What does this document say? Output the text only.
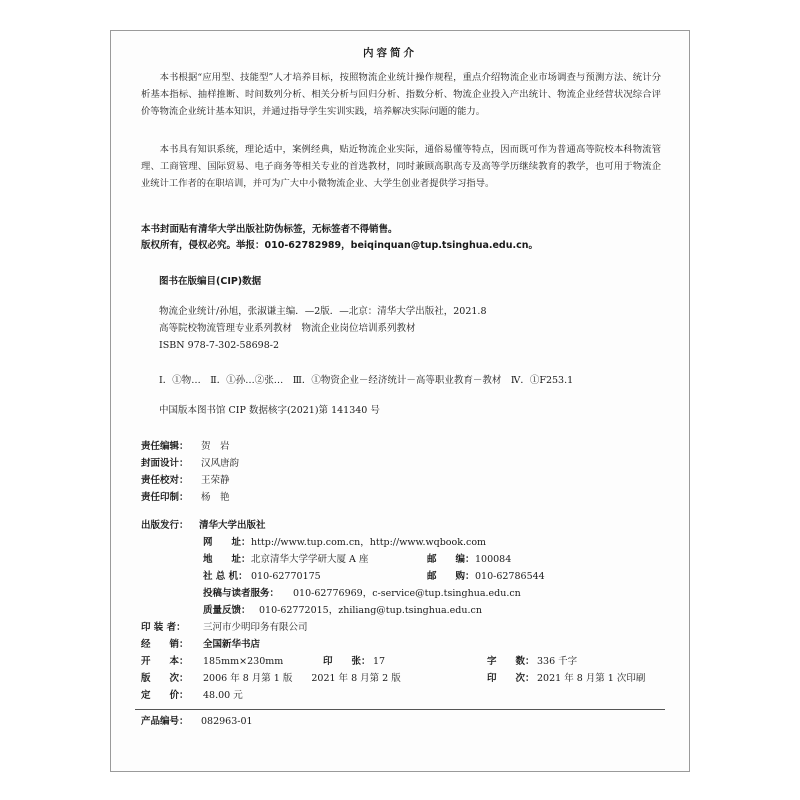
内容简介
本书根据“应用型、技能型”人才培养目标，按照物流企业统计操作规程，重点介绍物流企业市场调查与预测方法、统计分析基本指标、抽样推断、时间数列分析、相关分析与回归分析、指数分析、物流企业投入产出统计、物流企业经营状况综合评价等物流企业统计基本知识，并通过指导学生实训实践，培养解决实际问题的能力。
本书具有知识系统，理论适中，案例经典，贴近物流企业实际，通俗易懂等特点，因而既可作为普通高等院校本科物流管理、工商管理、国际贸易、电子商务等相关专业的首选教材，同时兼顾高职高专及高等学历继续教育的教学，也可用于物流企业统计工作者的在职培训，并可为广大中小微物流企业、大学生创业者提供学习指导。
本书封面贴有清华大学出版社防伪标签，无标签者不得销售。
版权所有，侵权必究。举报：010-62782989，beiqinquan@tup.tsinghua.edu.cn。
图书在版编目(CIP)数据
物流企业统计/孙旭，张淑谦主编．—2版．—北京：清华大学出版社，2021.8
高等院校物流管理专业系列教材　物流企业岗位培训系列教材
ISBN 978-7-302-58698-2
Ⅰ．①物…　Ⅱ．①孙…②张…　Ⅲ．①物资企业－经济统计－高等职业教育－教材　Ⅳ．①F253.1
中国版本图书馆 CIP 数据核字(2021)第 141340 号
责任编辑： 贺　岩
封面设计： 汉风唐韵
责任校对： 王荣静
责任印制： 杨　艳
出版发行： 清华大学出版社
网　　址： http://www.tup.com.cn，http://www.wqbook.com
地　　址： 北京清华大学学研大厦 A 座	邮　　编： 100084
社 总 机： 010-62770175	邮　　购： 010-62786544
投稿与读者服务： 010-62776969，c-service@tup.tsinghua.edu.cn
质量反馈： 010-62772015，zhiliang@tup.tsinghua.edu.cn
印 装 者： 三河市少明印务有限公司
经　　销： 全国新华书店
开　　本： 185mm×230mm	印　　张： 17	字　　数： 336 千字
版　　次： 2006 年 8 月第 1 版　　2021 年 8 月第 2 版	印　　次： 2021 年 8 月第 1 次印刷
定　　价： 48.00 元
产品编号： 082963-01
